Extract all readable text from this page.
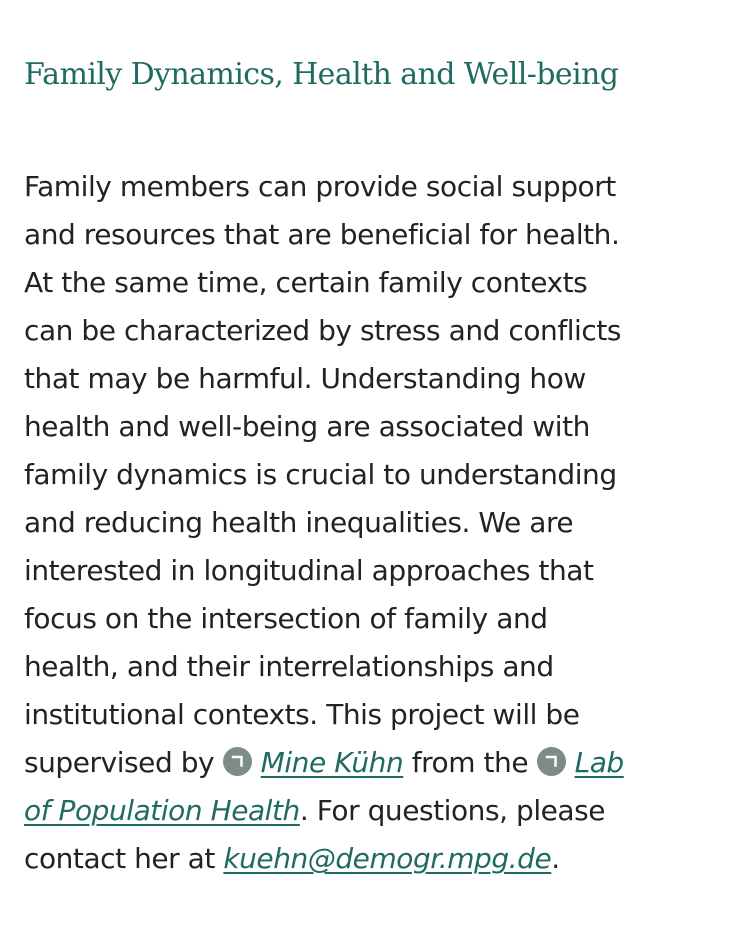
Family Dynamics, Health and Well-being

Family members can provide social support
and resources that are beneficial for health.
At the same time, certain family contexts
can be characterized by stress and conflicts
that may be harmful. Understanding how
health and well-being are associated with
family dynamics is crucial to understanding
and reducing health inequalities. We are
interested in longitudinal approaches that
focus on the intersection of family and
health, and their interrelationships and
institutional contexts. This project will be
supervised by
Mine Kühn from the
Lab
of Population Health. For questions, please
contact her at kuehn@demogr.mpg.de.
